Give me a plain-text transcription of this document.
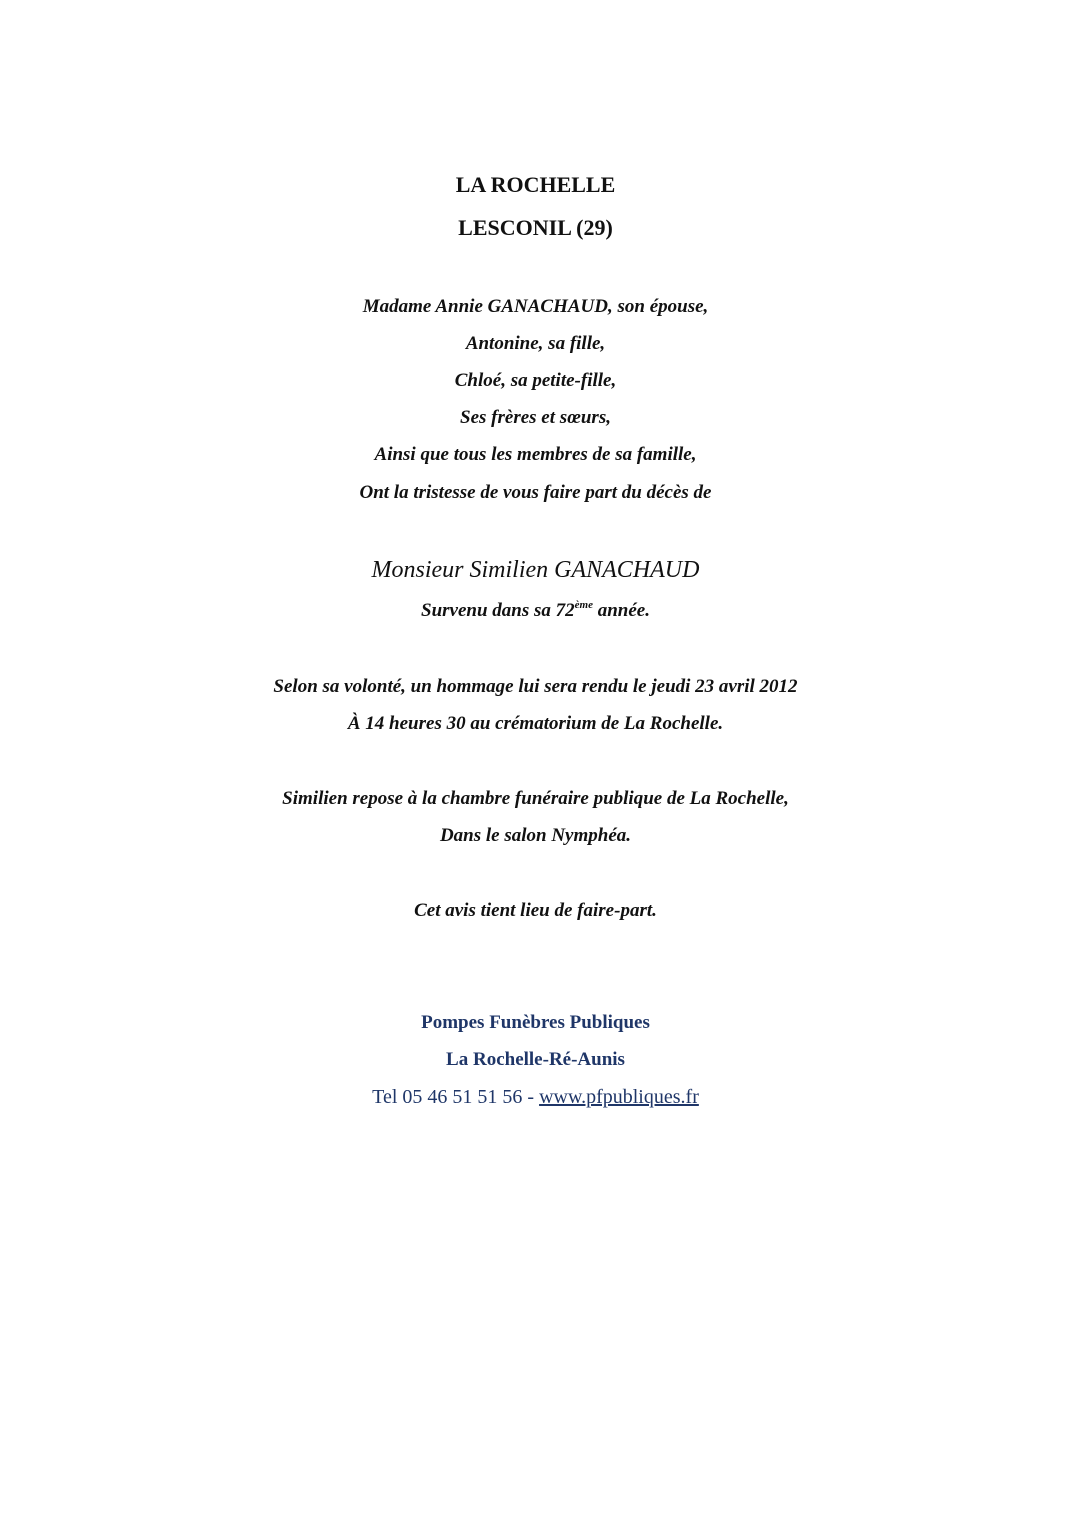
LA ROCHELLE
LESCONIL (29)
Madame Annie GANACHAUD, son épouse,
Antonine, sa fille,
Chloé, sa petite-fille,
Ses frères et sœurs,
Ainsi que tous les membres de sa famille,
Ont la tristesse de vous faire part du décès de
Monsieur Similien GANACHAUD
Survenu dans sa 72ème année.
Selon sa volonté, un hommage lui sera rendu le jeudi 23 avril 2012
À 14 heures 30 au crématorium de La Rochelle.
Similien repose à la chambre funéraire publique de La Rochelle,
Dans le salon Nymphéa.
Cet avis tient lieu de faire-part.
Pompes Funèbres Publiques
La Rochelle-Ré-Aunis
Tel 05 46 51 51 56 - www.pfpubliques.fr
